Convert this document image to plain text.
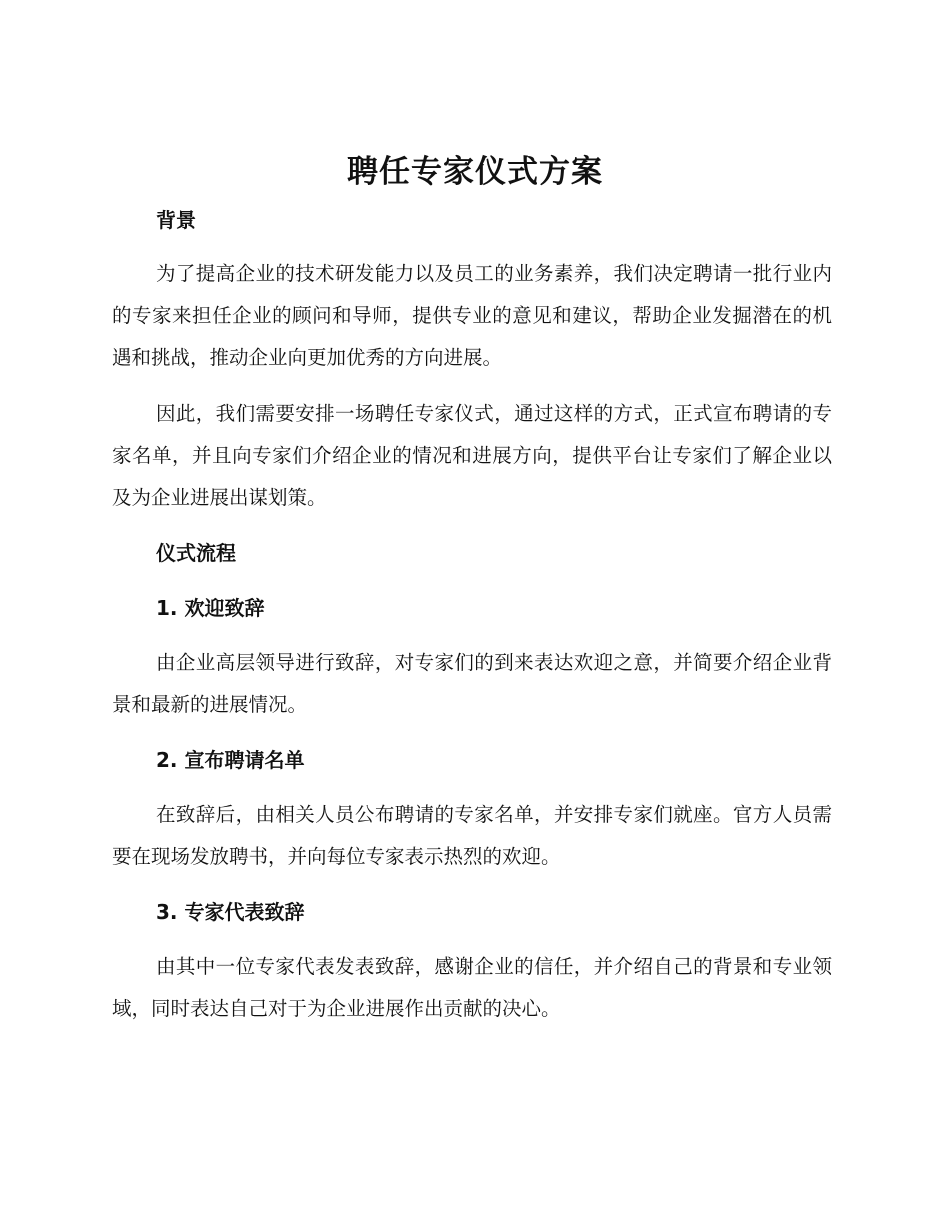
聘任专家仪式方案
背景

为了提高企业的技术研发能力以及员工的业务素养，我们决定聘请一批行业内的专家来担任企业的顾问和导师，提供专业的意见和建议，帮助企业发掘潜在的机遇和挑战，推动企业向更加优秀的方向进展。

因此，我们需要安排一场聘任专家仪式，通过这样的方式，正式宣布聘请的专家名单，并且向专家们介绍企业的情况和进展方向，提供平台让专家们了解企业以及为企业进展出谋划策。

仪式流程
1. 欢迎致辞

由企业高层领导进行致辞，对专家们的到来表达欢迎之意，并简要介绍企业背景和最新的进展情况。

2. 宣布聘请名单

在致辞后，由相关人员公布聘请的专家名单，并安排专家们就座。官方人员需要在现场发放聘书，并向每位专家表示热烈的欢迎。

3. 专家代表致辞

由其中一位专家代表发表致辞，感谢企业的信任，并介绍自己的背景和专业领域，同时表达自己对于为企业进展作出贡献的决心。
